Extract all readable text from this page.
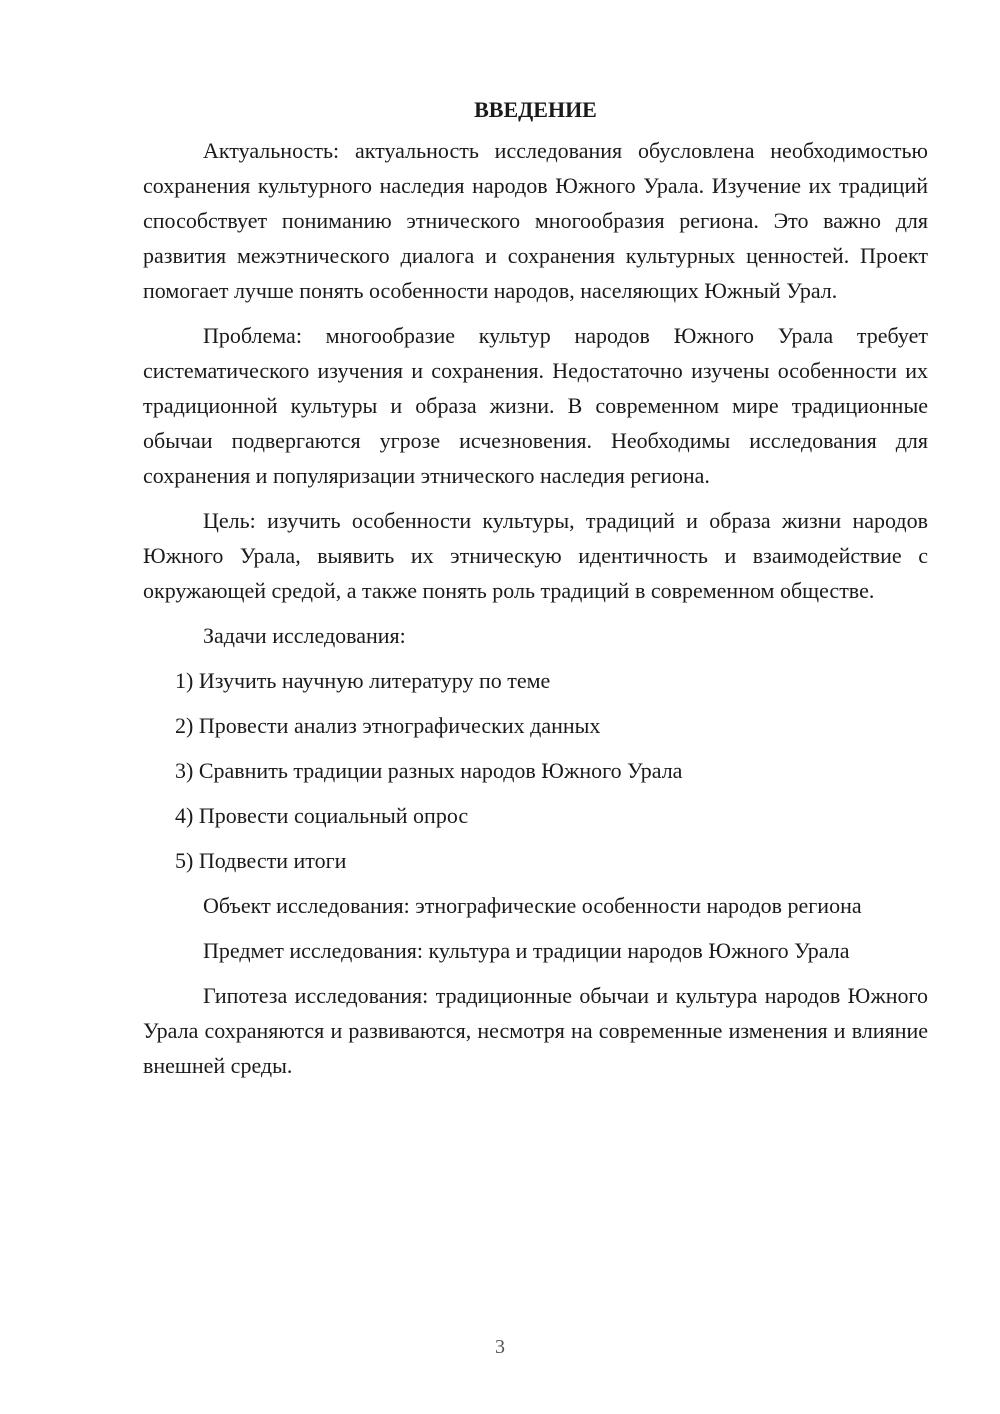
ВВЕДЕНИЕ

Актуальность: актуальность исследования обусловлена необходимостью сохранения культурного наследия народов Южного Урала. Изучение их традиций способствует пониманию этнического многообразия региона. Это важно для развития межэтнического диалога и сохранения культурных ценностей. Проект помогает лучше понять особенности народов, населяющих Южный Урал.

Проблема: многообразие культур народов Южного Урала требует систематического изучения и сохранения. Недостаточно изучены особенности их традиционной культуры и образа жизни. В современном мире традиционные обычаи подвергаются угрозе исчезновения. Необходимы исследования для сохранения и популяризации этнического наследия региона.

Цель: изучить особенности культуры, традиций и образа жизни народов Южного Урала, выявить их этническую идентичность и взаимодействие с окружающей средой, а также понять роль традиций в современном обществе.

Задачи исследования:

1) Изучить научную литературу по теме
2) Провести анализ этнографических данных
3) Сравнить традиции разных народов Южного Урала
4) Провести социальный опрос
5) Подвести итоги

Объект исследования: этнографические особенности народов региона

Предмет исследования: культура и традиции народов Южного Урала

Гипотеза исследования: традиционные обычаи и культура народов Южного Урала сохраняются и развиваются, несмотря на современные изменения и влияние внешней среды.

3
